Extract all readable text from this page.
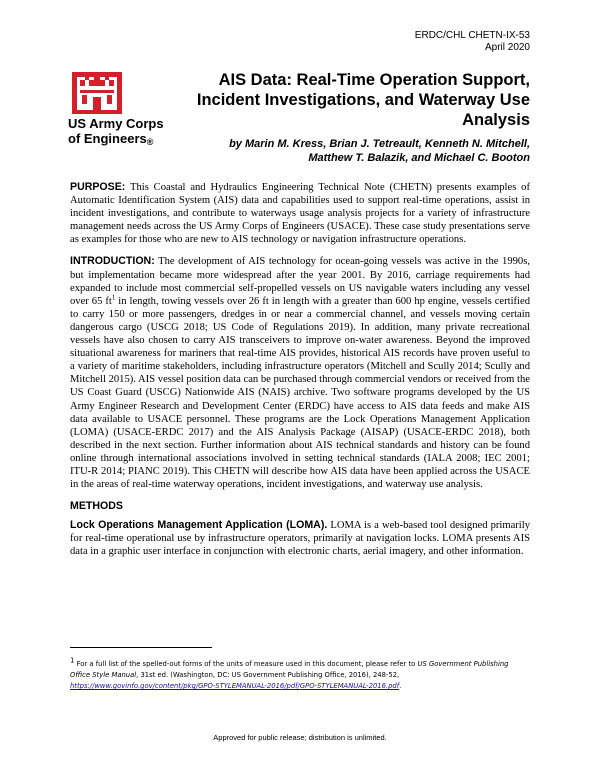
ERDC/CHL CHETN-IX-53
April 2020
US Army Corps
of Engineers®
AIS Data: Real-Time Operation Support, Incident Investigations, and Waterway Use Analysis
by Marin M. Kress, Brian J. Tetreault, Kenneth N. Mitchell,
Matthew T. Balazik, and Michael C. Booton

PURPOSE: This Coastal and Hydraulics Engineering Technical Note (CHETN) presents examples of Automatic Identification System (AIS) data and capabilities used to support real-time operations, assist in incident investigations, and contribute to waterways usage analysis projects for a variety of infrastructure management needs across the US Army Corps of Engineers (USACE). These case study presentations serve as examples for those who are new to AIS technology or navigation infrastructure operations.

INTRODUCTION: The development of AIS technology for ocean-going vessels was active in the 1990s, but implementation became more widespread after the year 2001. By 2016, carriage requirements had expanded to include most commercial self-propelled vessels on US navigable waters including any vessel over 65 $ft^1$ in length, towing vessels over 26 ft in length with a greater than 600 hp engine, vessels certified to carry 150 or more passengers, dredges in or near a commercial channel, and vessels moving certain dangerous cargo (USCG 2018; US Code of Regulations 2019). In addition, many private recreational vessels have also chosen to carry AIS transceivers to improve on-water awareness. Beyond the improved situational awareness for mariners that real-time AIS provides, historical AIS records have proven useful to a variety of maritime stakeholders, including infrastructure operators (Mitchell and Scully 2014; Scully and Mitchell 2015). AIS vessel position data can be purchased through commercial vendors or received from the US Coast Guard (USCG) Nationwide AIS (NAIS) archive. Two software programs developed by the US Army Engineer Research and Development Center (ERDC) have access to AIS data feeds and make AIS data available to USACE personnel. These programs are the Lock Operations Management Application (LOMA) (USACE-ERDC 2017) and the AIS Analysis Package (AISAP) (USACE-ERDC 2018), both described in the next section. Further information about AIS technical standards and history can be found online through international associations involved in setting technical standards (IALA 2008; IEC 2001; ITU-R 2014; PIANC 2019). This CHETN will describe how AIS data have been applied across the USACE in the areas of real-time waterway operations, incident investigations, and waterway use analysis.

METHODS

Lock Operations Management Application (LOMA). LOMA is a web-based tool designed primarily for real-time operational use by infrastructure operators, primarily at navigation locks. LOMA presents AIS data in a graphic user interface in conjunction with electronic charts, aerial imagery, and other information.

$^1$ For a full list of the spelled-out forms of the units of measure used in this document, please refer to US Government Publishing Office Style Manual, 31st ed. (Washington, DC: US Government Publishing Office, 2016), 248-52,
https://www.govinfo.gov/content/pkg/GPO-STYLEMANUAL-2016/pdf/GPO-STYLEMANUAL-2016.pdf.
Approved for public release; distribution is unlimited.
